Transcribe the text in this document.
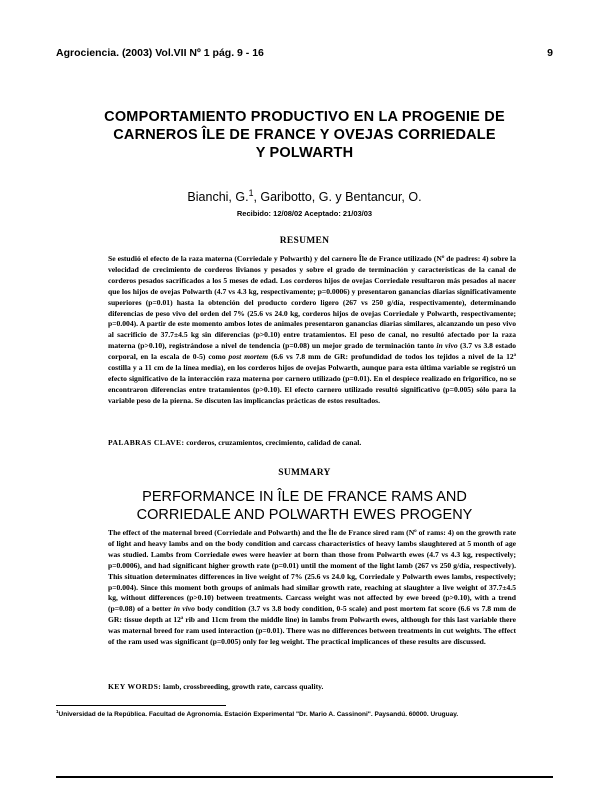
Agrociencia. (2003) Vol.VII Nº 1 pág. 9 - 16	9
COMPORTAMIENTO PRODUCTIVO EN LA PROGENIE DE
CARNEROS ÎLE DE FRANCE Y OVEJAS CORRIEDALE
Y POLWARTH
Bianchi, G.$^1$, Garibotto, G. y Bentancur, O.
Recibido: 12/08/02 Aceptado: 21/03/03
RESUMEN
Se estudió el efecto de la raza materna (Corriedale y Polwarth) y del carnero Île de France utilizado (Nº de padres: 4) sobre la velocidad de crecimiento de corderos livianos y pesados y sobre el grado de terminación y características de la canal de corderos pesados sacrificados a los 5 meses de edad. Los corderos hijos de ovejas Corriedale resultaron más pesados al nacer que los hijos de ovejas Polwarth (4.7 vs 4.3 kg, respectivamente; p=0.0006) y presentaron ganancias diarias significativamente superiores (p=0.01) hasta la obtención del producto cordero ligero (267 vs 250 g/día, respectivamente), determinando diferencias de peso vivo del orden del 7% (25.6 vs 24.0 kg, corderos hijos de ovejas Corriedale y Polwarth, respectivamente; p=0.004). A partir de este momento ambos lotes de animales presentaron ganancias diarias similares, alcanzando un peso vivo al sacrificio de 37.7±4.5 kg sin diferencias (p>0.10) entre tratamientos. El peso de canal, no resultó afectado por la raza materna (p>0.10), registrándose a nivel de tendencia (p=0.08) un mejor grado de terminación tanto in vivo (3.7 vs 3.8 estado corporal, en la escala de 0-5) como post mortem (6.6 vs 7.8 mm de GR: profundidad de todos los tejidos a nivel de la 12ª costilla y a 11 cm de la línea media), en los corderos hijos de ovejas Polwarth, aunque para esta última variable se registró un efecto significativo de la interacción raza materna por carnero utilizado (p=0.01). En el despiece realizado en frigorífico, no se encontraron diferencias entre tratamientos (p>0.10). El efecto carnero utilizado resultó significativo (p=0.005) sólo para la variable peso de la pierna. Se discuten las implicancias prácticas de estos resultados.
PALABRAS CLAVE: corderos, cruzamientos, crecimiento, calidad de canal.
SUMMARY
PERFORMANCE IN ÎLE DE FRANCE RAMS AND
CORRIEDALE AND POLWARTH EWES PROGENY
The effect of the maternal breed (Corriedale and Polwarth) and the Île de France sired ram (Nº of rams: 4) on the growth rate of light and heavy lambs and on the body condition and carcass characteristics of heavy lambs slaughtered at 5 month of age was studied. Lambs from Corriedale ewes were heavier at born than those from Polwarth ewes (4.7 vs 4.3 kg, respectively; p=0.0006), and had significant higher growth rate (p=0.01) until the moment of the light lamb (267 vs 250 g/día, respectively). This situation determinates differences in live weight of 7% (25.6 vs 24.0 kg, Corriedale y Polwarth ewes lambs, respectively; p=0.004). Since this moment both groups of animals had similar growth rate, reaching at slaughter a live weight of 37.7±4.5 kg, without differences (p>0.10) between treatments. Carcass weight was not affected by ewe breed (p>0.10), with a trend (p=0.08) of a better in vivo body condition (3.7 vs 3.8 body condition, 0-5 scale) and post mortem fat score (6.6 vs 7.8 mm de GR: tissue depth at 12ª rib and 11cm from the middle line) in lambs from Polwarth ewes, although for this last variable there was maternal breed for ram used interaction (p=0.01). There was no differences between treatments in cut weights. The effect of the ram used was significant (p=0.005) only for leg weight. The practical implicances of these results are discussed.
KEY WORDS: lamb, crossbreeding, growth rate, carcass quality.
$^1$Universidad de la República. Facultad de Agronomía. Estación Experimental "Dr. Mario A. Cassinoni". Paysandú. 60000. Uruguay.
